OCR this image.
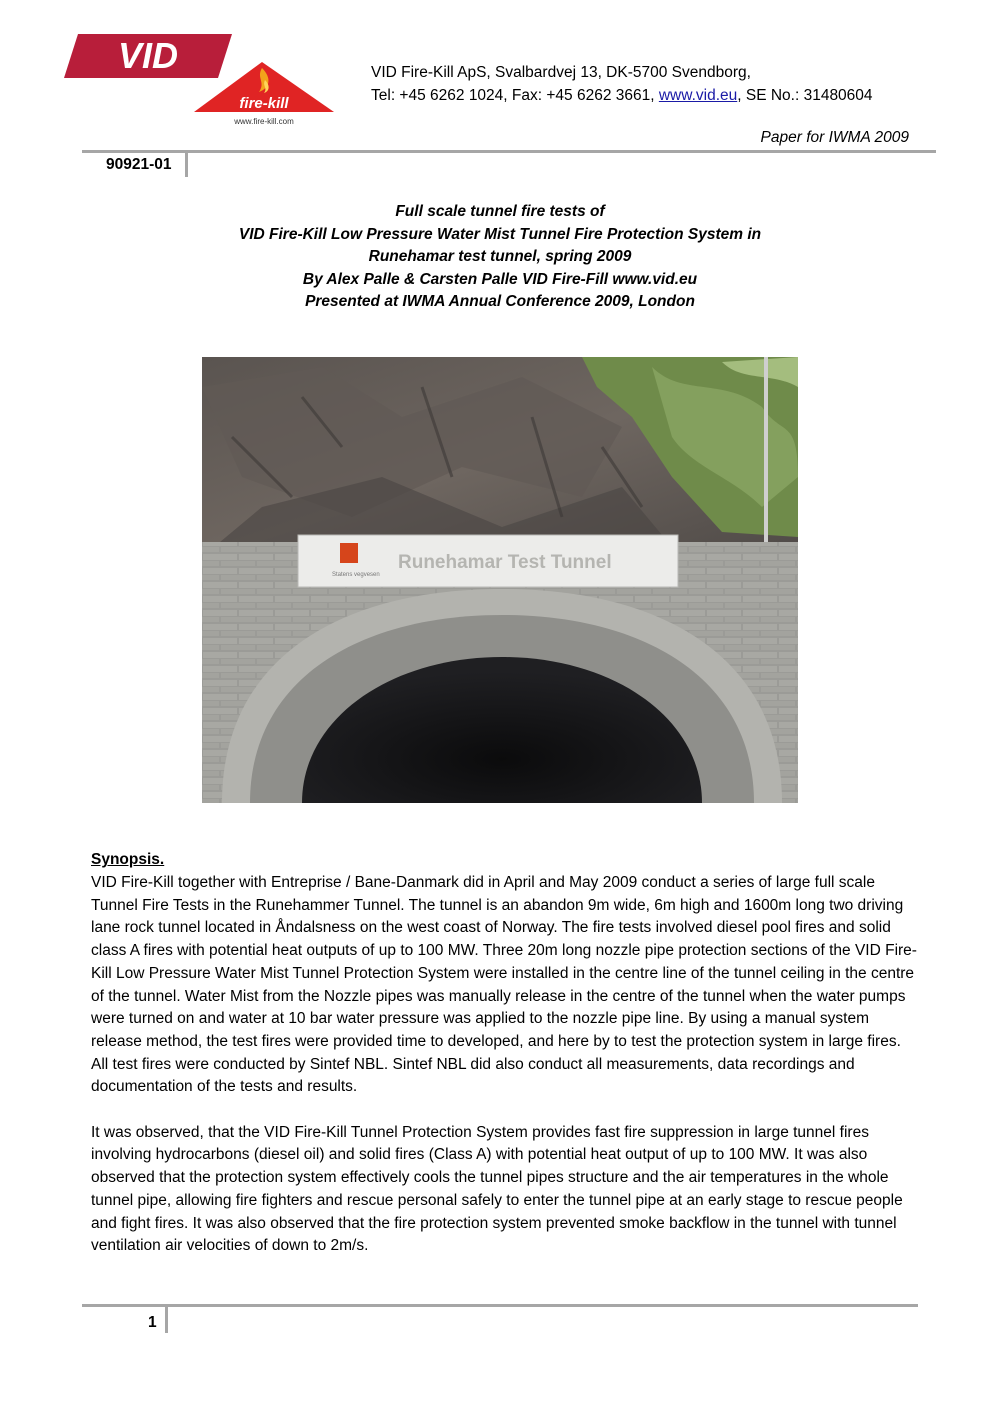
VID
fire-kill
www.fire-kill.com
VID Fire-Kill ApS, Svalbardvej 13, DK-5700 Svendborg,
Tel: +45 6262 1024, Fax: +45 6262 3661, www.vid.eu, SE No.: 31480604
Paper for IWMA 2009
90921-01
Full scale tunnel fire tests of
VID Fire-Kill Low Pressure Water Mist Tunnel Fire Protection System in
Runehamar test tunnel, spring 2009
By Alex Palle & Carsten Palle VID Fire-Fill www.vid.eu
Presented at IWMA Annual Conference 2009, London
Statens vegvesen
Runehamar Test Tunnel
Synopsis.

VID Fire-Kill together with Entreprise / Bane-Danmark did in April and May 2009 conduct a series of large full scale Tunnel Fire Tests in the Runehammer Tunnel. The tunnel is an abandon 9m wide, 6m high and 1600m long two driving lane rock tunnel located in Åndalsness on the west coast of Norway. The fire tests involved diesel pool fires and solid class A fires with potential heat outputs of up to 100 MW. Three 20m long nozzle pipe protection sections of the VID Fire-Kill Low Pressure Water Mist Tunnel Protection System were installed in the centre line of the tunnel ceiling in the centre of the tunnel. Water Mist from the Nozzle pipes was manually release in the centre of the tunnel when the water pumps were turned on and water at 10 bar water pressure was applied to the nozzle pipe line. By using a manual system release method, the test fires were provided time to developed, and here by to test the protection system in large fires. All test fires were conducted by Sintef NBL. Sintef NBL did also conduct all measurements, data recordings and documentation of the tests and results.

It was observed, that the VID Fire-Kill Tunnel Protection System provides fast fire suppression in large tunnel fires involving hydrocarbons (diesel oil) and solid fires (Class A) with potential heat output of up to 100 MW. It was also observed that the protection system effectively cools the tunnel pipes structure and the air temperatures in the whole tunnel pipe, allowing fire fighters and rescue personal safely to enter the tunnel pipe at an early stage to rescue people and fight fires. It was also observed that the fire protection system prevented smoke backflow in the tunnel with tunnel ventilation air velocities of down to 2m/s.

1
